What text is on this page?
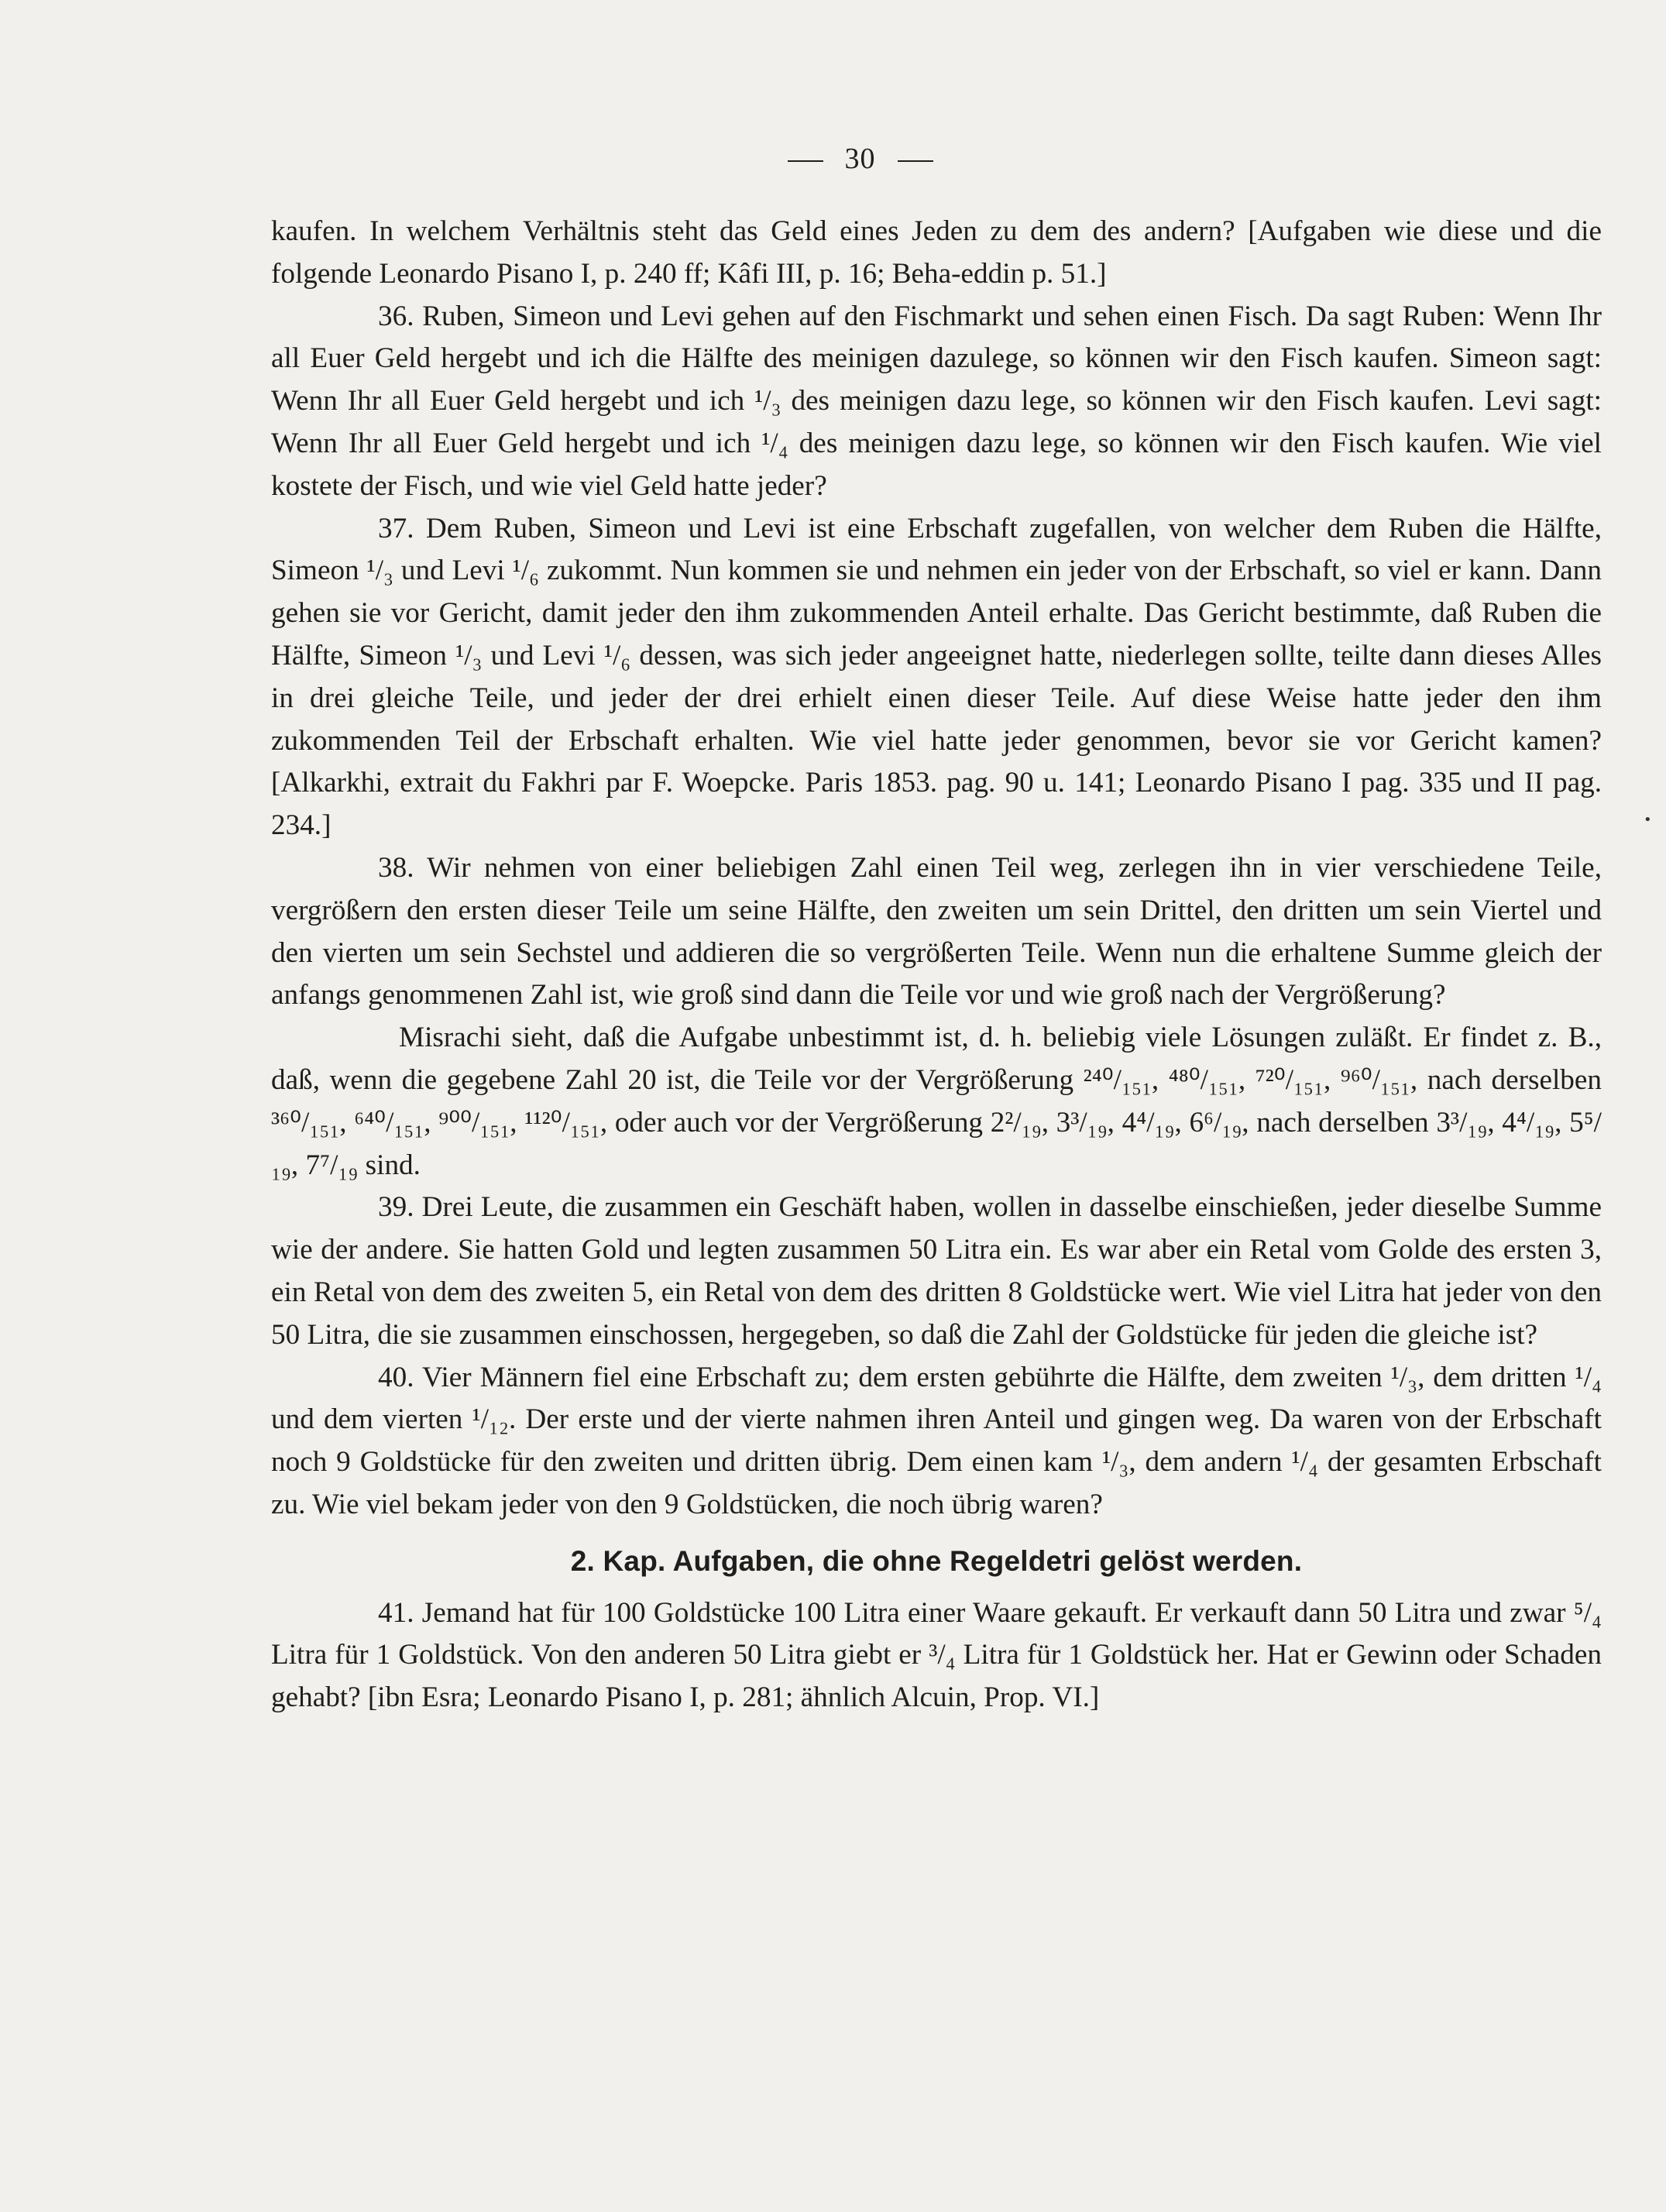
30

kaufen. In welchem Verhältnis steht das Geld eines Jeden zu dem des andern? [Aufgaben wie diese und die folgende Leonardo Pisano I, p. 240 ff; Kâfi III, p. 16; Beha-eddin p. 51.]

36. Ruben, Simeon und Levi gehen auf den Fischmarkt und sehen einen Fisch. Da sagt Ruben: Wenn Ihr all Euer Geld hergebt und ich die Hälfte des meinigen dazulege, so können wir den Fisch kaufen. Simeon sagt: Wenn Ihr all Euer Geld hergebt und ich ¹/₃ des meinigen dazu lege, so können wir den Fisch kaufen. Levi sagt: Wenn Ihr all Euer Geld hergebt und ich ¹/₄ des meinigen dazu lege, so können wir den Fisch kaufen. Wie viel kostete der Fisch, und wie viel Geld hatte jeder?

37. Dem Ruben, Simeon und Levi ist eine Erbschaft zugefallen, von welcher dem Ruben die Hälfte, Simeon ¹/₃ und Levi ¹/₆ zukommt. Nun kommen sie und nehmen ein jeder von der Erbschaft, so viel er kann. Dann gehen sie vor Gericht, damit jeder den ihm zukommenden Anteil erhalte. Das Gericht bestimmte, daß Ruben die Hälfte, Simeon ¹/₃ und Levi ¹/₆ dessen, was sich jeder angeeignet hatte, niederlegen sollte, teilte dann dieses Alles in drei gleiche Teile, und jeder der drei erhielt einen dieser Teile. Auf diese Weise hatte jeder den ihm zukommenden Teil der Erbschaft erhalten. Wie viel hatte jeder genommen, bevor sie vor Gericht kamen? [Alkarkhi, extrait du Fakhri par F. Woepcke. Paris 1853. pag. 90 u. 141; Leonardo Pisano I pag. 335 und II pag. 234.]

38. Wir nehmen von einer beliebigen Zahl einen Teil weg, zerlegen ihn in vier verschiedene Teile, vergrößern den ersten dieser Teile um seine Hälfte, den zweiten um sein Drittel, den dritten um sein Viertel und den vierten um sein Sechstel und addieren die so vergrößerten Teile. Wenn nun die erhaltene Summe gleich der anfangs genommenen Zahl ist, wie groß sind dann die Teile vor und wie groß nach der Vergrößerung?

Misrachi sieht, daß die Aufgabe unbestimmt ist, d. h. beliebig viele Lösungen zuläßt. Er findet z. B., daß, wenn die gegebene Zahl 20 ist, die Teile vor der Vergrößerung ²⁴⁰/₁₅₁, ⁴⁸⁰/₁₅₁, ⁷²⁰/₁₅₁, ⁹⁶⁰/₁₅₁, nach derselben ³⁶⁰/₁₅₁, ⁶⁴⁰/₁₅₁, ⁹⁰⁰/₁₅₁, ¹¹²⁰/₁₅₁, oder auch vor der Vergrößerung 2²/₁₉, 3³/₁₉, 4⁴/₁₉, 6⁶/₁₉, nach derselben 3³/₁₉, 4⁴/₁₉, 5⁵/₁₉, 7⁷/₁₉ sind.

39. Drei Leute, die zusammen ein Geschäft haben, wollen in dasselbe einschießen, jeder dieselbe Summe wie der andere. Sie hatten Gold und legten zusammen 50 Litra ein. Es war aber ein Retal vom Golde des ersten 3, ein Retal von dem des zweiten 5, ein Retal von dem des dritten 8 Goldstücke wert. Wie viel Litra hat jeder von den 50 Litra, die sie zusammen einschossen, hergegeben, so daß die Zahl der Goldstücke für jeden die gleiche ist?

40. Vier Männern fiel eine Erbschaft zu; dem ersten gebührte die Hälfte, dem zweiten ¹/₃, dem dritten ¹/₄ und dem vierten ¹/₁₂. Der erste und der vierte nahmen ihren Anteil und gingen weg. Da waren von der Erbschaft noch 9 Goldstücke für den zweiten und dritten übrig. Dem einen kam ¹/₃, dem andern ¹/₄ der gesamten Erbschaft zu. Wie viel bekam jeder von den 9 Goldstücken, die noch übrig waren?

2. Kap. Aufgaben, die ohne Regeldetri gelöst werden.

41. Jemand hat für 100 Goldstücke 100 Litra einer Waare gekauft. Er verkauft dann 50 Litra und zwar ⁵/₄ Litra für 1 Goldstück. Von den anderen 50 Litra giebt er ³/₄ Litra für 1 Goldstück her. Hat er Gewinn oder Schaden gehabt? [ibn Esra; Leonardo Pisano I, p. 281; ähnlich Alcuin, Prop. VI.]

•
